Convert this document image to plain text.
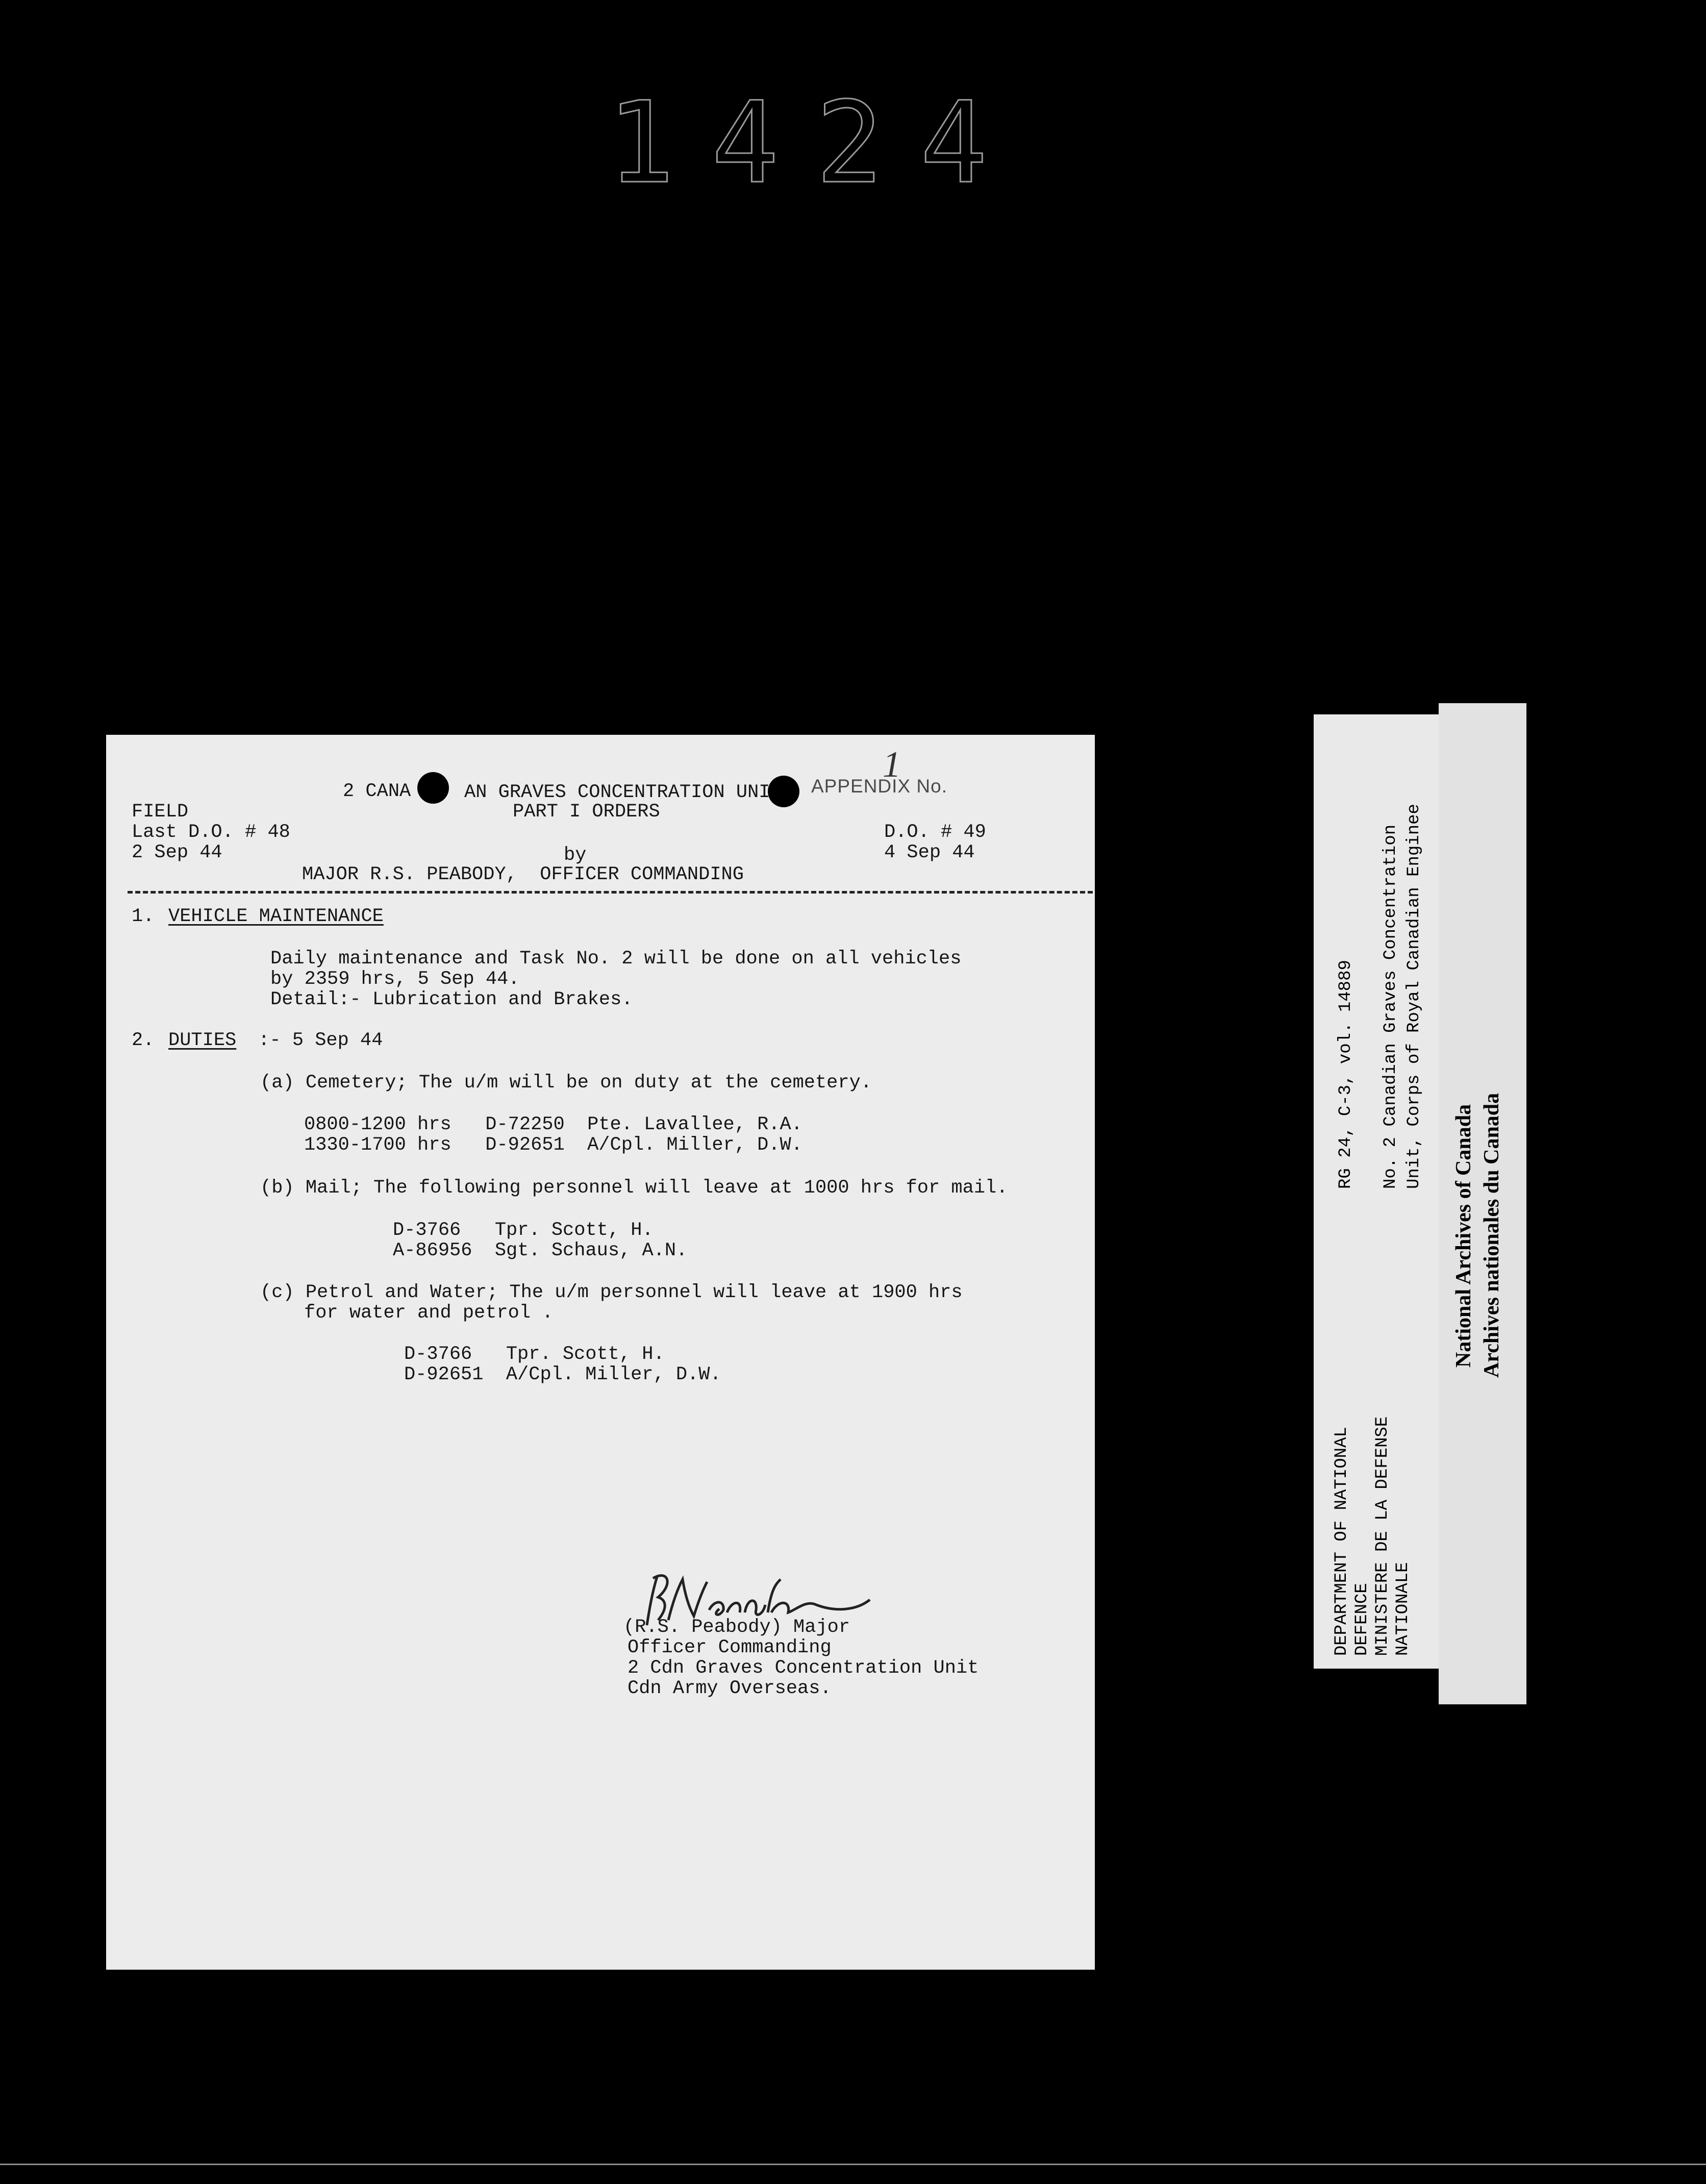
1424
2 CANA	AN GRAVES CONCENTRATION UNI APPENDIX No.
1
PART I ORDERS
FIELD
Last D.O. # 48
2 Sep 44
D.O. # 49
4 Sep 44
by
MAJOR R.S. PEABODY,  OFFICER COMMANDING
1. VEHICLE MAINTENANCE
Daily maintenance and Task No. 2 will be done on all vehicles
by 2359 hrs, 5 Sep 44.
Detail:- Lubrication and Brakes.
2. DUTIES :- 5 Sep 44
(a) Cemetery; The u/m will be on duty at the cemetery.
0800-1200 hrs   D-72250  Pte. Lavallee, R.A.
1330-1700 hrs   D-92651  A/Cpl. Miller, D.W.
(b) Mail; The following personnel will leave at 1000 hrs for mail.
D-3766   Tpr. Scott, H.
A-86956  Sgt. Schaus, A.N.
(c) Petrol and Water; The u/m personnel will leave at 1900 hrs
for water and petrol .
D-3766   Tpr. Scott, H.
D-92651  A/Cpl. Miller, D.W.
(R.S. Peabody) Major
Officer Commanding
2 Cdn Graves Concentration Unit
Cdn Army Overseas.
RG 24, C-3, vol. 14889 No. 2 Canadian Graves Concentration Unit, Corps of Royal Canadian Enginee
DEPARTMENT OF NATIONAL DEFENCE MINISTERE DE LA DEFENSE NATIONALE
National Archives of Canada Archives nationales du Canada
